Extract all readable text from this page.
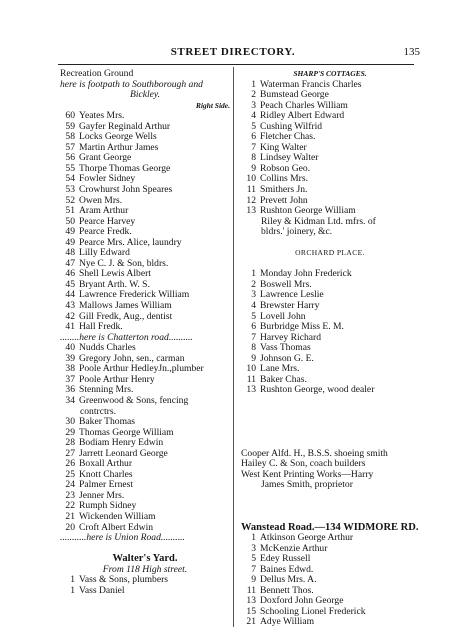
STREET DIRECTORY.	135
Recreation Ground
here is footpath to Southborough and
Bickley.
Right Side.
60 Yeates Mrs.
59 Gayfer Reginald Arthur
58 Locks George Wells
57 Martin Arthur James
56 Grant George
55 Thorpe Thomas George
54 Fowler Sidney
53 Crowhurst John Speares
52 Owen Mrs.
51 Aram Arthur
50 Pearce Harvey
49 Pearce Fredk.
49 Pearce Mrs. Alice, laundry
48 Lilly Edward
47 Nye C. J. & Son, bldrs.
46 Shell Lewis Albert
45 Bryant Arth. W. S.
44 Lawrence Frederick William
43 Mallows James William
42 Gill Fredk, Aug., dentist
41 Hall Fredk.
........here is Chatterton road..........
40 Nudds Charles
39 Gregory John, sen., carman
38 Poole Arthur HedleyJn.,plumber
37 Poole Arthur Henry
36 Stenning Mrs.
34 Greenwood & Sons, fencing
contrctrs.
30 Baker Thomas
29 Thomas George William
28 Bodiam Henry Edwin
27 Jarrett Leonard George
26 Boxall Arthur
25 Knott Charles
24 Palmer Ernest
23 Jenner Mrs.
22 Rumph Sidney
21 Wickenden William
20 Croft Albert Edwin
...........here is Union Road..........
Walter's Yard.
From 118 High street.
1 Vass & Sons, plumbers
1 Vass Daniel
SHARP'S COTTAGES.
1 Waterman Francis Charles
2 Bumstead George
3 Peach Charles William
4 Ridley Albert Edward
5 Cushing Wilfrid
6 Fletcher Chas.
7 King Walter
8 Lindsey Walter
9 Robson Geo.
10 Collins Mrs.
11 Smithers Jn.
12 Prevett John
13 Rushton George William
Riley & Kidman Ltd. mfrs. of
bldrs.' joinery, &c.
ORCHARD PLACE.
1 Monday John Frederick
2 Boswell Mrs.
3 Lawrence Leslie
4 Brewster Harry
5 Lovell John
6 Burbridge Miss E. M.
7 Harvey Richard
8 Vass Thomas
9 Johnson G. E.
10 Lane Mrs.
11 Baker Chas.
13 Rushton George, wood dealer
Cooper Alfd. H., B.S.S. shoeing smith
Hailey C. & Son, coach builders
West Kent Printing Works—Harry
James Smith, proprietor
Wanstead Road.—134 WIDMORE RD.
1 Atkinson George Arthur
3 McKenzie Arthur
5 Edey Russell
7 Baines Edwd.
9 Dellus Mrs. A.
11 Bennett Thos.
13 Doxford John George
15 Schooling Lionel Frederick
21 Adye William
